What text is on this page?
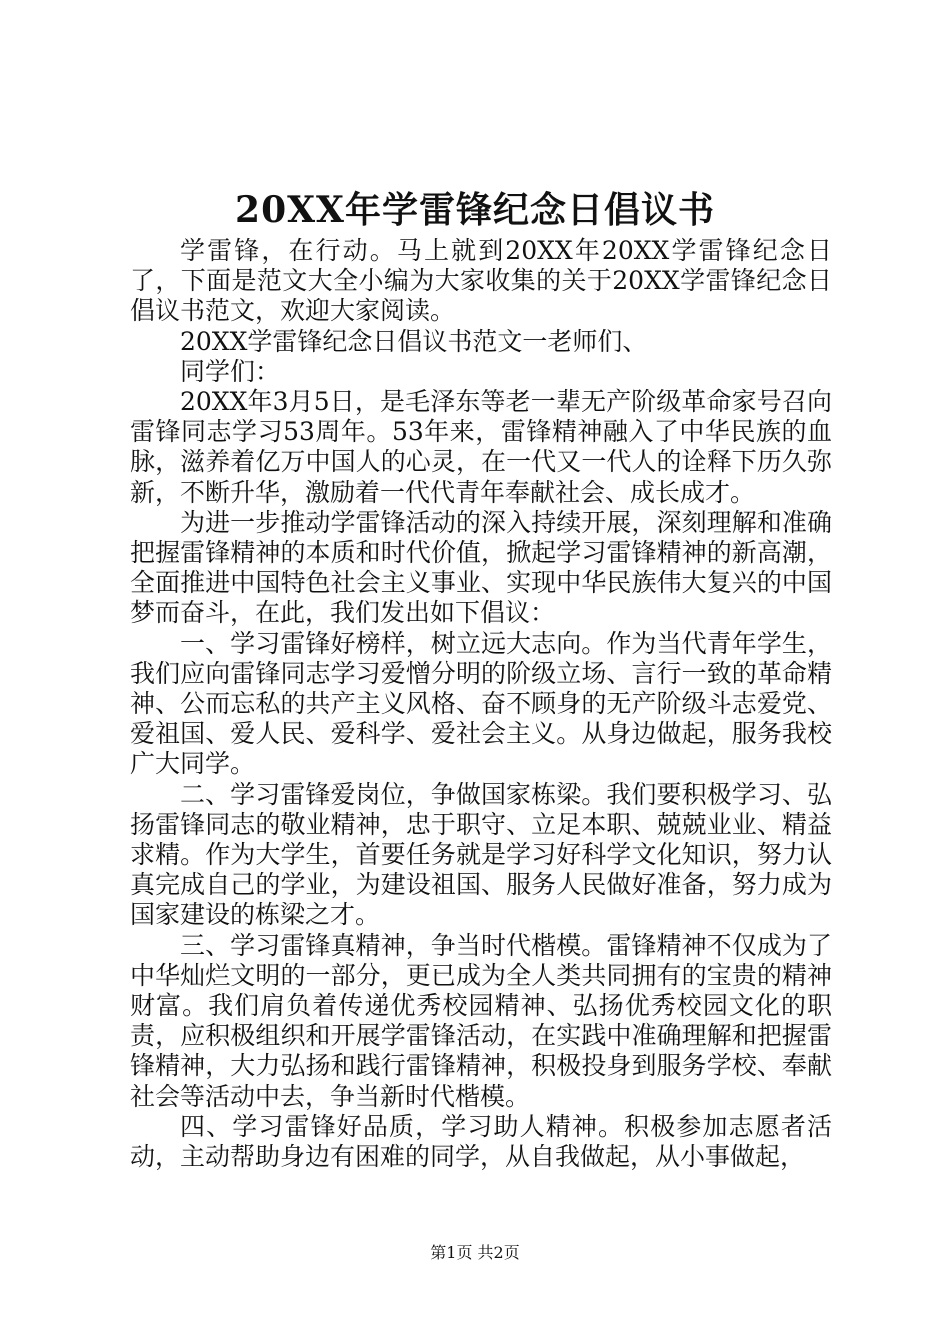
20XX年学雷锋纪念日倡议书

学雷锋，在行动。马上就到20XX年20XX学雷锋纪念日了，下面是范文大全小编为大家收集的关于20XX学雷锋纪念日倡议书范文，欢迎大家阅读。

20XX学雷锋纪念日倡议书范文一老师们、

同学们：

20XX年3月5日，是毛泽东等老一辈无产阶级革命家号召向雷锋同志学习53周年。53年来，雷锋精神融入了中华民族的血脉，滋养着亿万中国人的心灵，在一代又一代人的诠释下历久弥新，不断升华，激励着一代代青年奉献社会、成长成才。

为进一步推动学雷锋活动的深入持续开展，深刻理解和准确把握雷锋精神的本质和时代价值，掀起学习雷锋精神的新高潮，全面推进中国特色社会主义事业、实现中华民族伟大复兴的中国梦而奋斗，在此，我们发出如下倡议：

一、学习雷锋好榜样，树立远大志向。作为当代青年学生，我们应向雷锋同志学习爱憎分明的阶级立场、言行一致的革命精神、公而忘私的共产主义风格、奋不顾身的无产阶级斗志爱党、爱祖国、爱人民、爱科学、爱社会主义。从身边做起，服务我校广大同学。

二、学习雷锋爱岗位，争做国家栋梁。我们要积极学习、弘扬雷锋同志的敬业精神，忠于职守、立足本职、兢兢业业、精益求精。作为大学生，首要任务就是学习好科学文化知识，努力认真完成自己的学业，为建设祖国、服务人民做好准备，努力成为国家建设的栋梁之才。

三、学习雷锋真精神，争当时代楷模。雷锋精神不仅成为了中华灿烂文明的一部分，更已成为全人类共同拥有的宝贵的精神财富。我们肩负着传递优秀校园精神、弘扬优秀校园文化的职责，应积极组织和开展学雷锋活动，在实践中准确理解和把握雷锋精神，大力弘扬和践行雷锋精神，积极投身到服务学校、奉献社会等活动中去，争当新时代楷模。

四、学习雷锋好品质，学习助人精神。积极参加志愿者活动，主动帮助身边有困难的同学，从自我做起，从小事做起，

第1页 共2页
